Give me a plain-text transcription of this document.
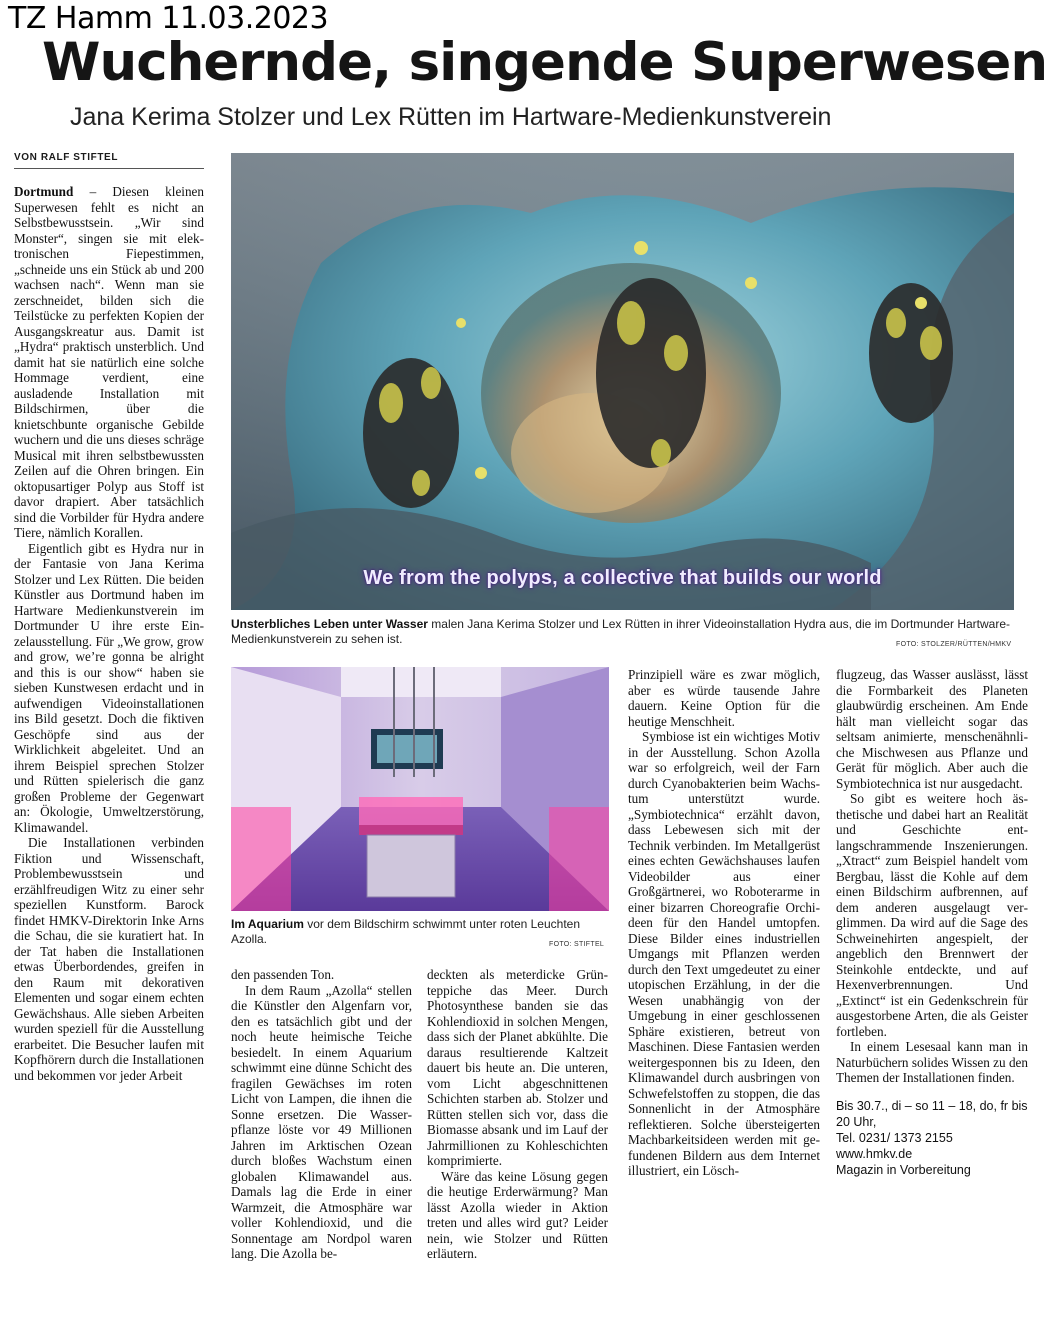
TZ Hamm 11.03.2023
Wuchernde, singende Superwesen
Jana Kerima Stolzer und Lex Rütten im Hartware-Medienkunstverein
VON RALF STIFTEL

Dortmund – Diesen kleinen Superwesen fehlt es nicht an Selbstbewusstsein. „Wir sind Monster“, singen sie mit elektronischen Fiepestimmen, „schneide uns ein Stück ab und 200 wachsen nach“. Wenn man sie zerschneidet, bilden sich die Teilstücke zu perfekten Kopien der Ausgangskreatur aus. Damit ist „Hydra“ praktisch unsterblich. Und damit hat sie natürlich eine solche Hommage verdient, eine ausladende Installation mit Bildschirmen, über die knietschbunte organische Gebilde wuchern und die uns dieses schräge Musical mit ihren selbstbewussten Zeilen auf die Ohren bringen. Ein oktopusartiger Polyp aus Stoff ist davor drapiert. Aber tatsächlich sind die Vorbilder für Hydra andere Tiere, nämlich Korallen.

Eigentlich gibt es Hydra nur in der Fantasie von Jana Kerima Stolzer und Lex Rütten. Die beiden Künstler aus Dortmund haben im Hartware Medienkunstverein im Dortmunder U ihre erste Einzelausstellung. Für „We grow, grow and grow, we’re gonna be alright and this is our show“ haben sie sieben Kunstwesen erdacht und in aufwendigen Videoinstallationen ins Bild gesetzt. Doch die fiktiven Geschöpfe sind aus der Wirklichkeit abgeleitet. Und an ihrem Beispiel sprechen Stolzer und Rütten spielerisch die ganz großen Probleme der Gegenwart an: Ökologie, Umweltzerstörung, Klimawandel.

Die Installationen verbinden Fiktion und Wissenschaft, Problembewusstsein und erzählfreudigen Witz zu einer sehr speziellen Kunstform. Barock findet HMKV-Direktorin Inke Arns die Schau, die sie kuratiert hat. In der Tat haben die Installationen etwas Überbordendes, greifen in den Raum mit dekorativen Elementen und sogar einem echten Gewächshaus. Alle sieben Arbeiten wurden speziell für die Ausstellung erarbeitet. Die Besucher laufen mit Kopfhörern durch die Installationen und bekommen vor jeder Arbeit

We from the polyps, a collective that builds our world
Unsterbliches Leben unter Wasser malen Jana Kerima Stolzer und Lex Rütten in ihrer Videoinstallation Hydra aus, die im Dortmunder Hartware-Medienkunstverein zu sehen ist.	FOTO: STOLZER/RÜTTEN/HMKV
Im Aquarium vor dem Bildschirm schwimmt unter roten Leuchten Azolla.	FOTO: STIFTEL

den passenden Ton.

In dem Raum „Azolla“ stellen die Künstler den Algenfarn vor, den es tatsächlich gibt und der noch heute heimische Teiche besiedelt. In einem Aquarium schwimmt eine dünne Schicht des fragilen Gewächses im roten Licht von Lampen, die ihnen die Sonne ersetzen. Die Wasserpflanze löste vor 49 Millionen Jahren im Arktischen Ozean durch bloßes Wachstum einen globalen Klimawandel aus. Damals lag die Erde in einer Warmzeit, die Atmosphäre war voller Kohlendioxid, und die Sonnentage am Nordpol waren lang. Die Azolla be-

deckten als meterdicke Grünteppiche das Meer. Durch Photosynthese banden sie das Kohlendioxid in solchen Mengen, dass sich der Planet abkühlte. Die daraus resultierende Kaltzeit dauert bis heute an. Die unteren, vom Licht abgeschnittenen Schichten starben ab. Stolzer und Rütten stellen sich vor, dass die Biomasse absank und im Lauf der Jahrmillionen zu Kohleschichten komprimierte.

Wäre das keine Lösung gegen die heutige Erderwärmung? Man lässt Azolla wieder in Aktion treten und alles wird gut? Leider nein, wie Stolzer und Rütten erläutern.

Prinzipiell wäre es zwar möglich, aber es würde tausende Jahre dauern. Keine Option für die heutige Menschheit.

Symbiose ist ein wichtiges Motiv in der Ausstellung. Schon Azolla war so erfolgreich, weil der Farn durch Cyanobakterien beim Wachstum unterstützt wurde. „Symbiotechnica“ erzählt davon, dass Lebewesen sich mit der Technik verbinden. Im Metallgerüst eines echten Gewächshauses laufen Videobilder aus einer Großgärtnerei, wo Roboterarme in einer bizarren Choreografie Orchideen für den Handel umtopfen. Diese Bilder eines industriellen Umgangs mit Pflanzen werden durch den Text umgedeutet zu einer utopischen Erzählung, in der die Wesen unabhängig von der Umgebung in einer geschlossenen Sphäre existieren, betreut von Maschinen. Diese Fantasien werden weitergesponnen bis zu Ideen, den Klimawandel durch ausbringen von Schwefelstoffen zu stoppen, die das Sonnenlicht in der Atmosphäre reflektieren. Solche übersteigerten Machbarkeitsideen werden mit gefundenen Bildern aus dem Internet illustriert, ein Lösch-

flugzeug, das Wasser auslässt, lässt die Formbarkeit des Planeten glaubwürdig erscheinen. Am Ende hält man vielleicht sogar das seltsam animierte, menschenähnliche Mischwesen aus Pflanze und Gerät für möglich. Aber auch die Symbiotechnica ist nur ausgedacht.

So gibt es weitere hoch ästhetische und dabei hart an Realität und Geschichte entlangschrammende Inszenierungen. „Xtract“ zum Beispiel handelt vom Bergbau, lässt die Kohle auf dem einen Bildschirm aufbrennen, auf dem anderen ausgelaugt verglimmen. Da wird auf die Sage des Schweinehirten angespielt, der angeblich den Brennwert der Steinkohle entdeckte, und auf Hexenverbrennungen. Und „Extinct“ ist ein Gedenkschrein für ausgestorbene Arten, die als Geister fortleben.

In einem Lesesaal kann man in Naturbüchern solides Wissen zu den Themen der Installationen finden.

Bis 30.7., di – so 11 – 18, do, fr bis 20 Uhr,
Tel. 0231/ 1373 2155
www.hmkv.de
Magazin in Vorbereitung
